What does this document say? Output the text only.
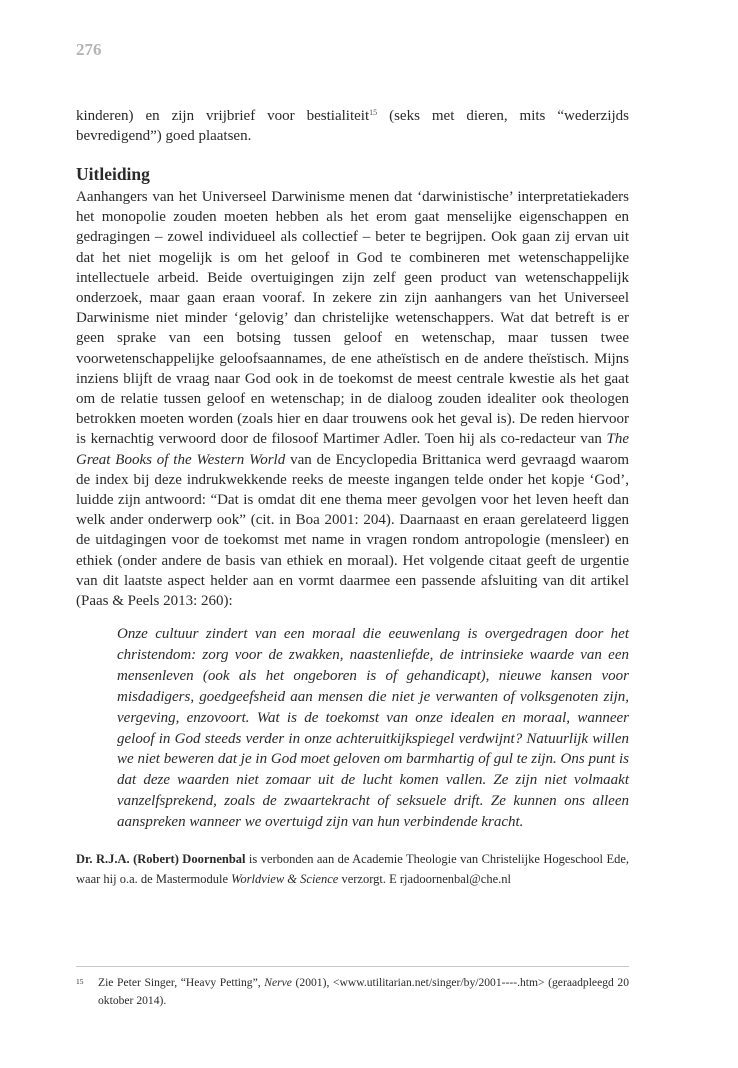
276

kinderen) en zijn vrijbrief voor bestialiteit$^{15}$ (seks met dieren, mits “wederzijds bevredigend”) goed plaatsen.

Uitleiding

Aanhangers van het Universeel Darwinisme menen dat ‘darwinistische’ interpretatiekaders het monopolie zouden moeten hebben als het erom gaat menselijke eigenschappen en gedragingen – zowel individueel als collectief – beter te begrijpen. Ook gaan zij ervan uit dat het niet mogelijk is om het geloof in God te combineren met wetenschappelijke intellectuele arbeid. Beide overtuigingen zijn zelf geen product van wetenschappelijk onderzoek, maar gaan eraan vooraf. In zekere zin zijn aanhangers van het Universeel Darwinisme niet minder ‘gelovig’ dan christelijke wetenschappers. Wat dat betreft is er geen sprake van een botsing tussen geloof en wetenschap, maar tussen twee voorwetenschappelijke geloofsaannames, de ene atheïstisch en de andere theïstisch. Mijns inziens blijft de vraag naar God ook in de toekomst de meest centrale kwestie als het gaat om de relatie tussen geloof en wetenschap; in de dialoog zouden idealiter ook theologen betrokken moeten worden (zoals hier en daar trouwens ook het geval is). De reden hiervoor is kernachtig verwoord door de filosoof Martimer Adler. Toen hij als co-redacteur van The Great Books of the Western World van de Encyclopedia Brittanica werd gevraagd waarom de index bij deze indrukwekkende reeks de meeste ingangen telde onder het kopje ‘God’, luidde zijn antwoord: “Dat is omdat dit ene thema meer gevolgen voor het leven heeft dan welk ander onderwerp ook” (cit. in Boa 2001: 204). Daarnaast en eraan gerelateerd liggen de uitdagingen voor de toekomst met name in vragen rondom antropologie (mensleer) en ethiek (onder andere de basis van ethiek en moraal). Het volgende citaat geeft de urgentie van dit laatste aspect helder aan en vormt daarmee een passende afsluiting van dit artikel (Paas & Peels 2013: 260):

Onze cultuur zindert van een moraal die eeuwenlang is overgedragen door het christendom: zorg voor de zwakken, naastenliefde, de intrinsieke waarde van een mensenleven (ook als het ongeboren is of gehandicapt), nieuwe kansen voor misdadigers, goedgeefsheid aan mensen die niet je verwanten of volksgenoten zijn, vergeving, enzovoort. Wat is de toekomst van onze idealen en moraal, wanneer geloof in God steeds verder in onze achteruitkijkspiegel verdwijnt? Natuurlijk willen we niet beweren dat je in God moet geloven om barmhartig of gul te zijn. Ons punt is dat deze waarden niet zomaar uit de lucht komen vallen. Ze zijn niet volmaakt vanzelfsprekend, zoals de zwaartekracht of seksuele drift. Ze kunnen ons alleen aanspreken wanneer we overtuigd zijn van hun verbindende kracht.

Dr. R.J.A. (Robert) Doornenbal is verbonden aan de Academie Theologie van Christelijke Hogeschool Ede, waar hij o.a. de Mastermodule Worldview & Science verzorgt. E rjadoornenbal@che.nl

15 Zie Peter Singer, “Heavy Petting”, Nerve (2001), <www.utilitarian.net/singer/by/2001----.htm> (geraadpleegd 20 oktober 2014).
